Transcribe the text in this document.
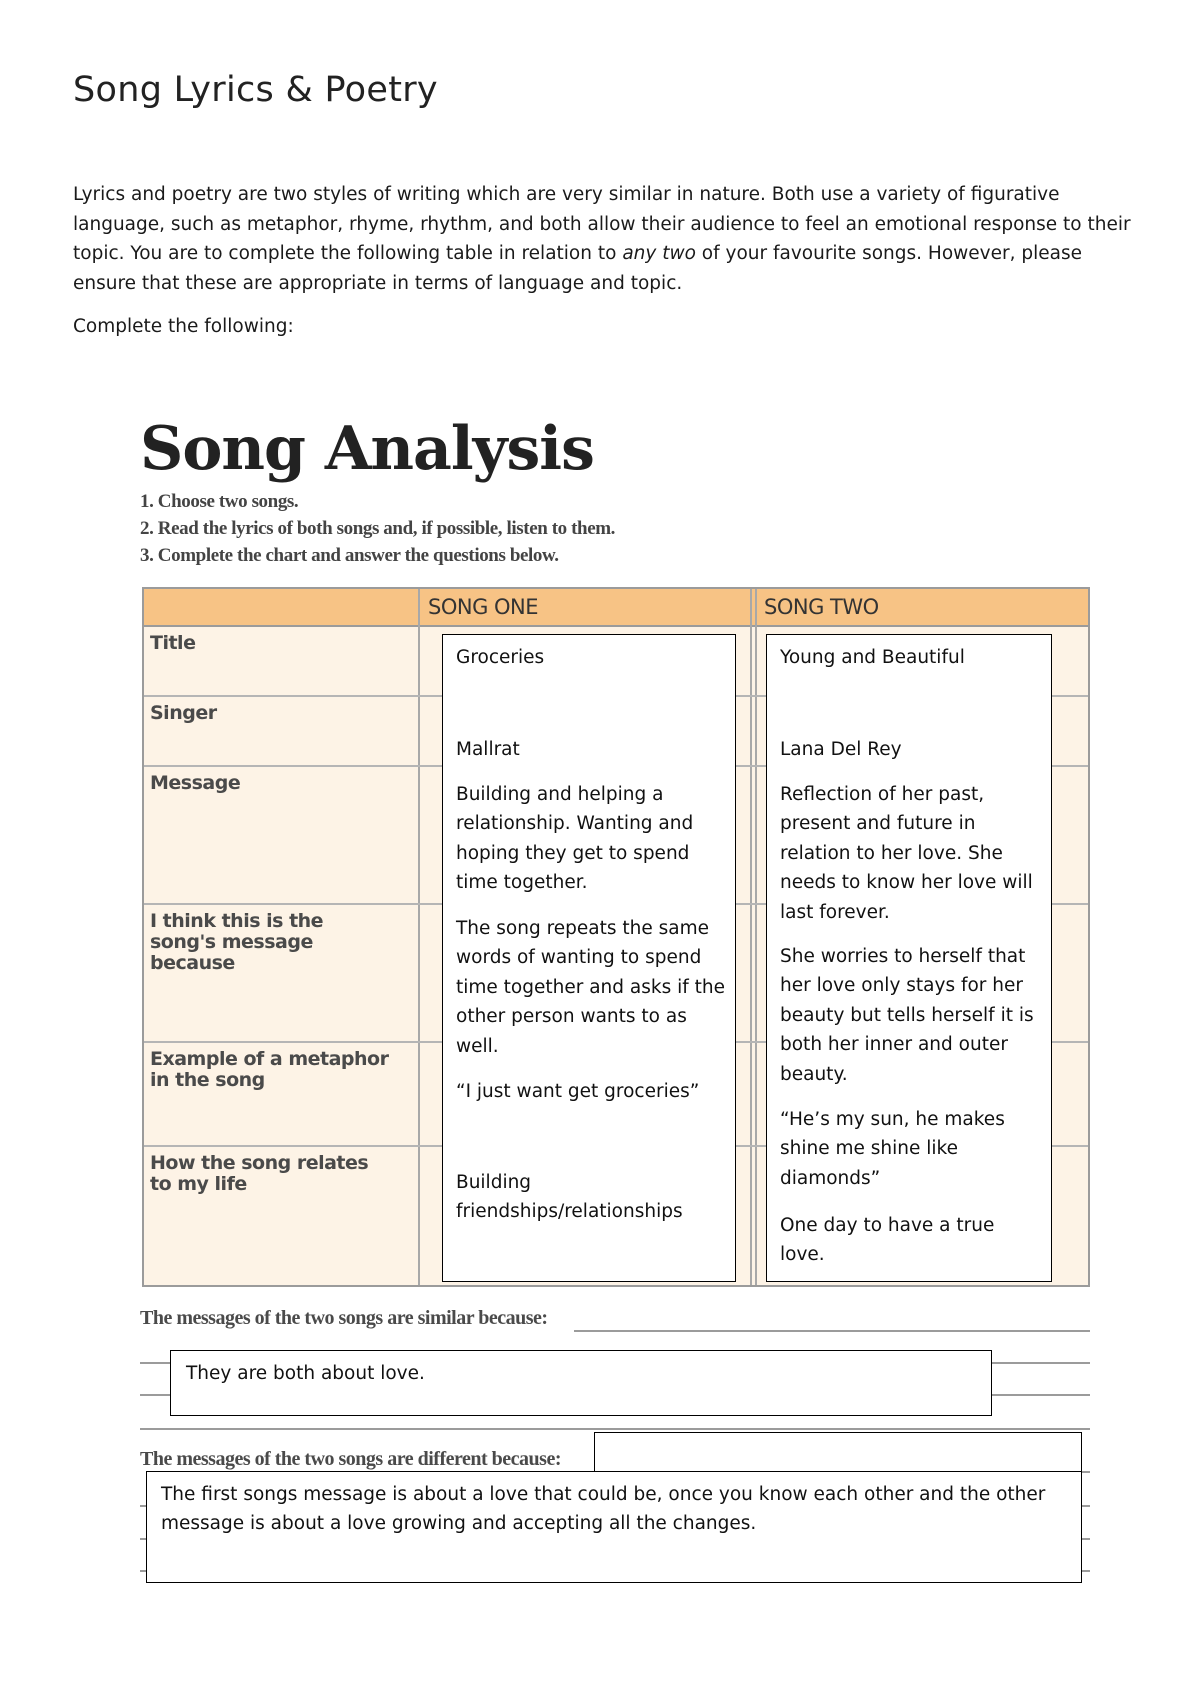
Song Lyrics & Poetry
Lyrics and poetry are two styles of writing which are very similar in nature. Both use a variety of figurative language, such as metaphor, rhyme, rhythm, and both allow their audience to feel an emotional response to their topic. You are to complete the following table in relation to any two of your favourite songs. However, please ensure that these are appropriate in terms of language and topic.
Complete the following:
Song Analysis
1. Choose two songs.
2. Read the lyrics of both songs and, if possible, listen to them.
3. Complete the chart and answer the questions below.
SONG ONE	SONG TWO
Title
Singer
Message
I think this is the song's message because
Example of a metaphor in the song
How the song relates to my life
Groceries
Mallrat
Building and helping a relationship. Wanting and hoping they get to spend time together.
The song repeats the same words of wanting to spend time together and asks if the other person wants to as well.
“I just want get groceries”
Building friendships/relationships
Young and Beautiful
Lana Del Rey
Reflection of her past, present and future in relation to her love. She needs to know her love will last forever.
She worries to herself that her love only stays for her beauty but tells herself it is both her inner and outer beauty.
“He’s my sun, he makes shine me shine like diamonds”
One day to have a true love.
The messages of the two songs are similar because:
They are both about love.
The messages of the two songs are different because:
The first songs message is about a love that could be, once you know each other and the other message is about a love growing and accepting all the changes.
